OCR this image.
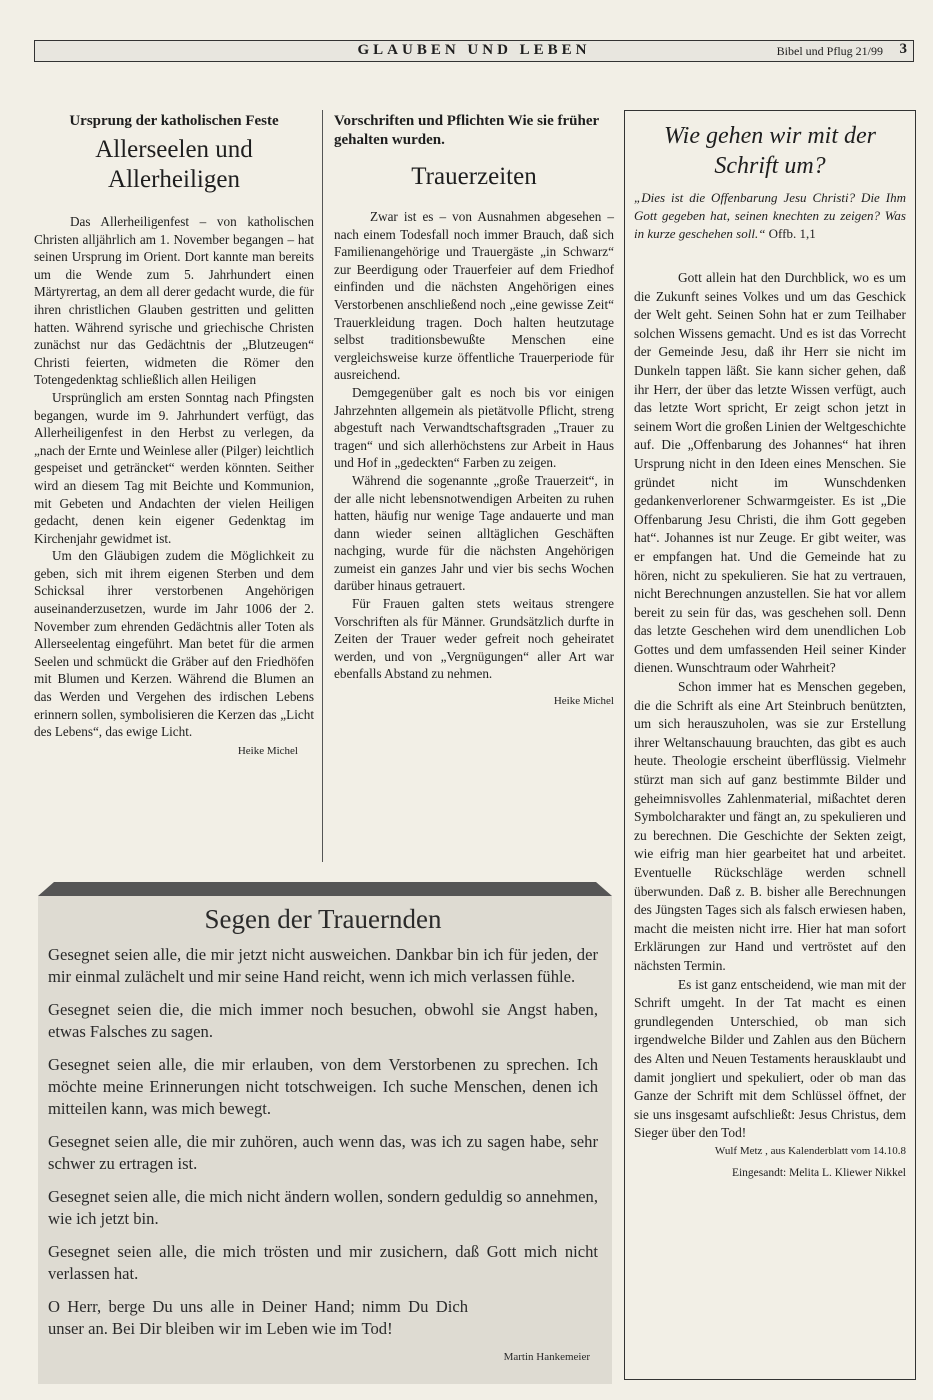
GLAUBEN UND LEBEN	Bibel und Pflug 21/99 3
Ursprung der katholischen Feste
Allerseelen und Allerheiligen

Das Allerheiligenfest – von katholischen Christen alljährlich am 1. November begangen – hat seinen Ursprung im Orient. Dort kannte man bereits um die Wende zum 5. Jahrhundert einen Märtyrertag, an dem all derer gedacht wurde, die für ihren christlichen Glauben gestritten und gelitten hatten. Während syrische und griechische Christen zunächst nur das Gedächtnis der „Blutzeugen“ Christi feierten, widmeten die Römer den Totengedenktag schließlich allen Heiligen

Ursprünglich am ersten Sonntag nach Pfingsten begangen, wurde im 9. Jahrhundert verfügt, das Allerheiligenfest in den Herbst zu verlegen, da „nach der Ernte und Weinlese aller (Pilger) leichtlich gespeiset und geträncket“ werden könnten. Seither wird an diesem Tag mit Beichte und Kommunion, mit Gebeten und Andachten der vielen Heiligen gedacht, denen kein eigener Gedenktag im Kirchenjahr gewidmet ist.

Um den Gläubigen zudem die Möglichkeit zu geben, sich mit ihrem eigenen Sterben und dem Schicksal ihrer verstorbenen Angehörigen auseinanderzusetzen, wurde im Jahr 1006 der 2. November zum ehrenden Gedächtnis aller Toten als Allerseelentag eingeführt. Man betet für die armen Seelen und schmückt die Gräber auf den Friedhöfen mit Blumen und Kerzen. Während die Blumen an das Werden und Vergehen des irdischen Lebens erinnern sollen, symbolisieren die Kerzen das „Licht des Lebens“, das ewige Licht.

Heike Michel
Vorschriften und Pflichten Wie sie früher gehalten wurden.
Trauerzeiten

Zwar ist es – von Ausnahmen abgesehen – nach einem Todesfall noch immer Brauch, daß sich Familienangehörige und Trauergäste „in Schwarz“ zur Beerdigung oder Trauerfeier auf dem Friedhof einfinden und die nächsten Angehörigen eines Verstorbenen anschließend noch „eine gewisse Zeit“ Trauerkleidung tragen. Doch halten heutzutage selbst traditionsbewußte Menschen eine vergleichsweise kurze öffentliche Trauerperiode für ausreichend.

Demgegenüber galt es noch bis vor einigen Jahrzehnten allgemein als pietätvolle Pflicht, streng abgestuft nach Verwandtschaftsgraden „Trauer zu tragen“ und sich allerhöchstens zur Arbeit in Haus und Hof in „gedeckten“ Farben zu zeigen.

Während die sogenannte „große Trauerzeit“, in der alle nicht lebensnotwendigen Arbeiten zu ruhen hatten, häufig nur wenige Tage andauerte und man dann wieder seinen alltäglichen Geschäften nachging, wurde für die nächsten Angehörigen zumeist ein ganzes Jahr und vier bis sechs Wochen darüber hinaus getrauert.

Für Frauen galten stets weitaus strengere Vorschriften als für Männer. Grundsätzlich durfte in Zeiten der Trauer weder gefreit noch geheiratet werden, und von „Vergnügungen“ aller Art war ebenfalls Abstand zu nehmen.

Heike Michel
Wie gehen wir mit der Schrift um?
„Dies ist die Offenbarung Jesu Christi? Die Ihm Gott gegeben hat, seinen knechten zu zeigen? Was in kurze geschehen soll.“ Offb. 1,1

Gott allein hat den Durchblick, wo es um die Zukunft seines Volkes und um das Geschick der Welt geht. Seinen Sohn hat er zum Teilhaber solchen Wissens gemacht. Und es ist das Vorrecht der Gemeinde Jesu, daß ihr Herr sie nicht im Dunkeln tappen läßt. Sie kann sicher gehen, daß ihr Herr, der über das letzte Wissen verfügt, auch das letzte Wort spricht, Er zeigt schon jetzt in seinem Wort die großen Linien der Weltgeschichte auf. Die „Offenbarung des Johannes“ hat ihren Ursprung nicht in den Ideen eines Menschen. Sie gründet nicht im Wunschdenken gedankenverlorener Schwarmgeister. Es ist „Die Offenbarung Jesu Christi, die ihm Gott gegeben hat“. Johannes ist nur Zeuge. Er gibt weiter, was er empfangen hat. Und die Gemeinde hat zu hören, nicht zu spekulieren. Sie hat zu vertrauen, nicht Berechnungen anzustellen. Sie hat vor allem bereit zu sein für das, was geschehen soll. Denn das letzte Geschehen wird dem unendlichen Lob Gottes und dem umfassenden Heil seiner Kinder dienen. Wunschtraum oder Wahrheit?

Schon immer hat es Menschen gegeben, die die Schrift als eine Art Steinbruch benützten, um sich herauszuholen, was sie zur Erstellung ihrer Weltanschauung brauchten, das gibt es auch heute. Theologie erscheint überflüssig. Vielmehr stürzt man sich auf ganz bestimmte Bilder und geheimnisvolles Zahlenmaterial, mißachtet deren Symbolcharakter und fängt an, zu spekulieren und zu berechnen. Die Geschichte der Sekten zeigt, wie eifrig man hier gearbeitet hat und arbeitet. Eventuelle Rückschläge werden schnell überwunden. Daß z. B. bisher alle Berechnungen des Jüngsten Tages sich als falsch erwiesen haben, macht die meisten nicht irre. Hier hat man sofort Erklärungen zur Hand und vertröstet auf den nächsten Termin.

Es ist ganz entscheidend, wie man mit der Schrift umgeht. In der Tat macht es einen grundlegenden Unterschied, ob man sich irgendwelche Bilder und Zahlen aus den Büchern des Alten und Neuen Testaments herausklaubt und damit jongliert und spekuliert, oder ob man das Ganze der Schrift mit dem Schlüssel öffnet, der sie uns insgesamt aufschließt: Jesus Christus, dem Sieger über den Tod!

Wulf Metz , aus Kalenderblatt vom 14.10.8
Eingesandt: Melita L. Kliewer Nikkel
Segen der Trauernden

Gesegnet seien alle, die mir jetzt nicht ausweichen. Dankbar bin ich für jeden, der mir einmal zulächelt und mir seine Hand reicht, wenn ich mich verlassen fühle.

Gesegnet seien die, die mich immer noch besuchen, obwohl sie Angst haben, etwas Falsches zu sagen.

Gesegnet seien alle, die mir erlauben, von dem Verstorbenen zu sprechen. Ich möchte meine Erinnerungen nicht totschweigen. Ich suche Menschen, denen ich mitteilen kann, was mich bewegt.

Gesegnet seien alle, die mir zuhören, auch wenn das, was ich zu sagen habe, sehr schwer zu ertragen ist.

Gesegnet seien alle, die mich nicht ändern wollen, sondern geduldig so annehmen, wie ich jetzt bin.

Gesegnet seien alle, die mich trösten und mir zusichern, daß Gott mich nicht verlassen hat.

O Herr, berge Du uns alle in Deiner Hand; nimm Du Dich unser an. Bei Dir bleiben wir im Leben wie im Tod!

Martin Hankemeier
